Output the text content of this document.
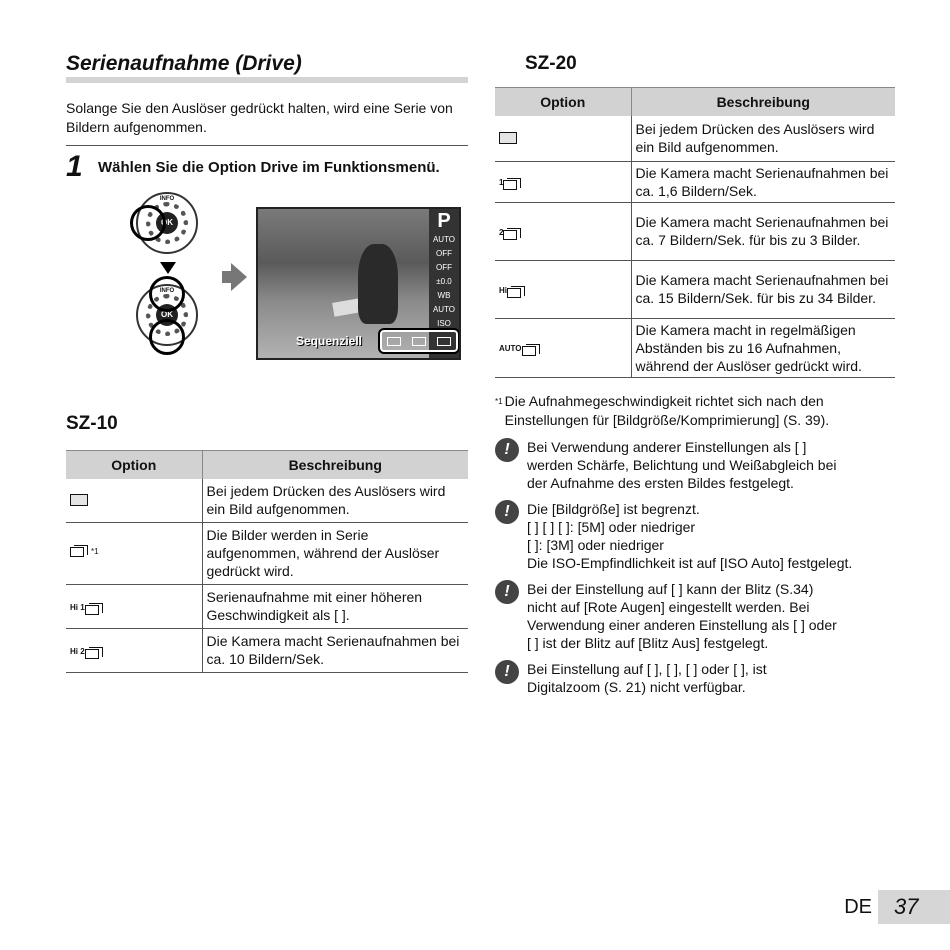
Serienaufnahme (Drive)

Solange Sie den Auslöser gedrückt halten, wird eine Serie von Bildern aufgenommen.

1	Wählen Sie die Option Drive im Funktionsmenü.
OK
INFO
OK
INFO
P
AUTO
OFF
OFF
±0.0
WB AUTO
ISO
Sequenziell
SZ-10
Option	Beschreibung

	Bei jedem Drücken des Auslösers wird ein Bild aufgenommen.

*1	Die Bilder werden in Serie aufgenommen, während der Auslöser gedrückt wird.

Hi 1	Serienaufnahme mit einer höheren Geschwindigkeit als [ ].

Hi 2	Die Kamera macht Serienaufnahmen bei ca. 10 Bildern/Sek.
SZ-20
Option	Beschreibung

	Bei jedem Drücken des Auslösers wird ein Bild aufgenommen.

1	Die Kamera macht Serienaufnahmen bei ca. 1,6 Bildern/Sek.

2	Die Kamera macht Serienaufnahmen bei ca. 7 Bildern/Sek. für bis zu 3 Bilder.

Hi	Die Kamera macht Serienaufnahmen bei ca. 15 Bildern/Sek. für bis zu 34 Bilder.

AUTO	Die Kamera macht in regelmäßigen Abständen bis zu 16 Aufnahmen, während der Auslöser gedrückt wird.
*1 Die Aufnahmegeschwindigkeit richtet sich nach den Einstellungen für [Bildgröße/Komprimierung] (S. 39).
!	Bei Verwendung anderer Einstellungen als [ ]
werden Schärfe, Belichtung und Weißabgleich bei
der Aufnahme des ersten Bildes festgelegt.
!	Die [Bildgröße] ist begrenzt.
[ ] [ ] [ ]: [5M] oder niedriger
[ ]: [3M] oder niedriger
Die ISO-Empfindlichkeit ist auf [ISO Auto] festgelegt.
!	Bei der Einstellung auf [ ] kann der Blitz (S.34)
nicht auf [Rote Augen] eingestellt werden. Bei
Verwendung einer anderen Einstellung als [ ] oder
[ ] ist der Blitz auf [Blitz Aus] festgelegt.
!	Bei Einstellung auf [ ], [ ], [ ] oder [ ], ist
Digitalzoom (S. 21) nicht verfügbar.
DE	37
